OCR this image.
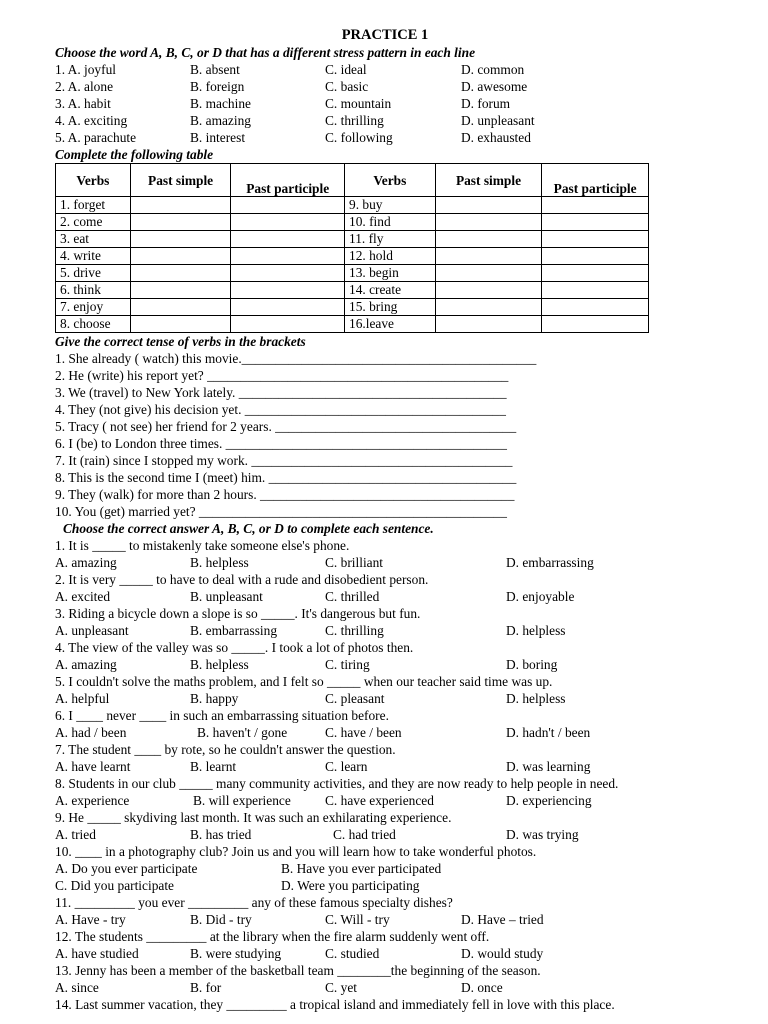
PRACTICE 1
Choose the word A, B, C, or D that has a different stress pattern in each line
1. A. joyful	B. absent	C. ideal	D. common
2. A. alone	B. foreign	C. basic	D. awesome
3. A. habit	B. machine	C. mountain	D. forum
4. A. exciting	B. amazing	C. thrilling	D. unpleasant
5. A. parachute	B. interest	C. following	D. exhausted
Complete the following table
Verbs	Past simple	Past participle	Verbs	Past simple	Past participle
1. forget			9. buy		
2. come			10. find		
3. eat			11. fly		
4. write			12. hold		
5. drive			13. begin		
6. think			14. create		
7. enjoy			15. bring		
8. choose			16.leave		
Give the correct tense of verbs in the brackets
1. She already ( watch) this movie.____________________________________________
2. He (write) his report yet? _____________________________________________
3. We (travel) to New York lately. ________________________________________
4. They (not give) his decision yet. _______________________________________
5. Tracy ( not see) her friend for 2 years. ____________________________________
6. I (be) to London three times. __________________________________________
7. It (rain) since I stopped my work. _______________________________________
8. This is the second time I (meet) him. _____________________________________
9. They (walk) for more than 2 hours. ______________________________________
10. You (get) married yet? ______________________________________________
Choose the correct answer A, B, C, or D to complete each sentence.
1. It is _____ to mistakenly take someone else's phone.
A. amazing	B. helpless	C. brilliant	D. embarrassing
2. It is very _____ to have to deal with a rude and disobedient person.
A. excited	B. unpleasant	C. thrilled	D. enjoyable
3. Riding a bicycle down a slope is so _____. It's dangerous but fun.
A. unpleasant	B. embarrassing	C. thrilling	D. helpless
4. The view of the valley was so _____. I took a lot of photos then.
A. amazing	B. helpless	C. tiring	D. boring
5. I couldn't solve the maths problem, and I felt so _____ when our teacher said time was up.
A. helpful	B. happy	C. pleasant	D. helpless
6. I ____ never ____ in such an embarrassing situation before.
A. had / been	B. haven't / gone	C. have / been	D. hadn't / been
7. The student ____ by rote, so he couldn't answer the question.
A. have learnt	B. learnt	C. learn	D. was learning
8. Students in our club _____ many community activities, and they are now ready to help people in need.
A. experience	B. will experience	C. have experienced	D. experiencing
9. He _____ skydiving last month. It was such an exhilarating experience.
A. tried	B. has tried	C. had tried	D. was trying
10. ____ in a photography club? Join us and you will learn how to take wonderful photos.
A. Do you ever participate	B. Have you ever participated
C. Did you participate	D. Were you participating
11. _________ you ever _________ any of these famous specialty dishes?
A. Have - try	B. Did - try	C. Will - try	D. Have – tried
12. The students _________ at the library when the fire alarm suddenly went off.
A. have studied	B. were studying	C. studied	D. would study
13. Jenny has been a member of the basketball team ________the beginning of the season.
A. since	B. for	C. yet	D. once
14. Last summer vacation, they _________ a tropical island and immediately fell in love with this place.
